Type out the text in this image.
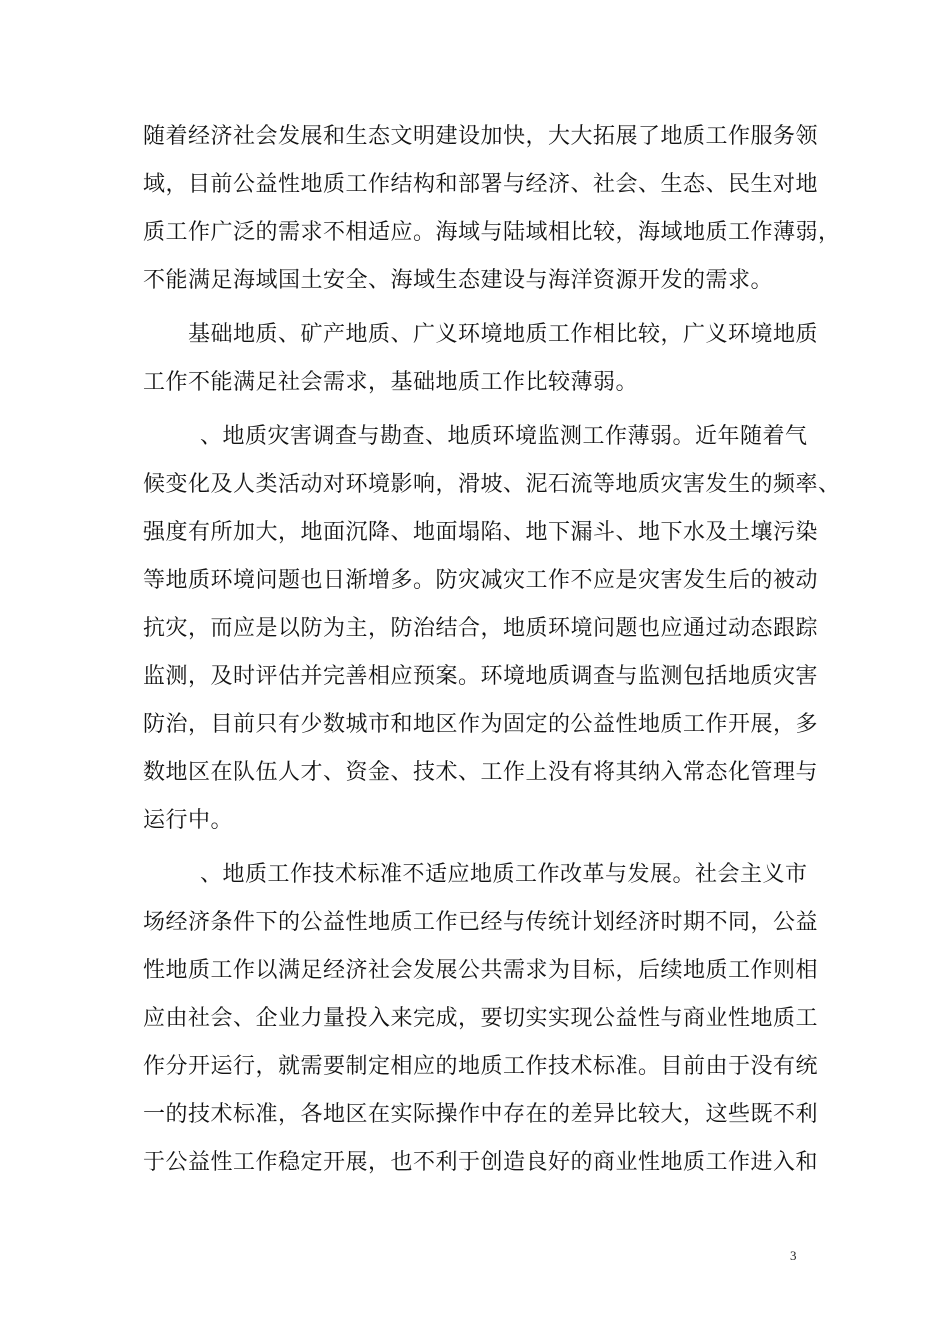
随着经济社会发展和生态文明建设加快，大大拓展了地质工作服务领
域，目前公益性地质工作结构和部署与经济、社会、生态、民生对地
质工作广泛的需求不相适应。海域与陆域相比较，海域地质工作薄弱，
不能满足海域国土安全、海域生态建设与海洋资源开发的需求。
基础地质、矿产地质、广义环境地质工作相比较，广义环境地质
工作不能满足社会需求，基础地质工作比较薄弱。
、地质灾害调查与勘查、地质环境监测工作薄弱。近年随着气
候变化及人类活动对环境影响，滑坡、泥石流等地质灾害发生的频率、
强度有所加大，地面沉降、地面塌陷、地下漏斗、地下水及土壤污染
等地质环境问题也日渐增多。防灾减灾工作不应是灾害发生后的被动
抗灾，而应是以防为主，防治结合，地质环境问题也应通过动态跟踪
监测，及时评估并完善相应预案。环境地质调查与监测包括地质灾害
防治，目前只有少数城市和地区作为固定的公益性地质工作开展，多
数地区在队伍人才、资金、技术、工作上没有将其纳入常态化管理与
运行中。
、地质工作技术标准不适应地质工作改革与发展。社会主义市
场经济条件下的公益性地质工作已经与传统计划经济时期不同，公益
性地质工作以满足经济社会发展公共需求为目标，后续地质工作则相
应由社会、企业力量投入来完成，要切实实现公益性与商业性地质工
作分开运行，就需要制定相应的地质工作技术标准。目前由于没有统
一的技术标准，各地区在实际操作中存在的差异比较大，这些既不利
于公益性工作稳定开展，也不利于创造良好的商业性地质工作进入和
3
